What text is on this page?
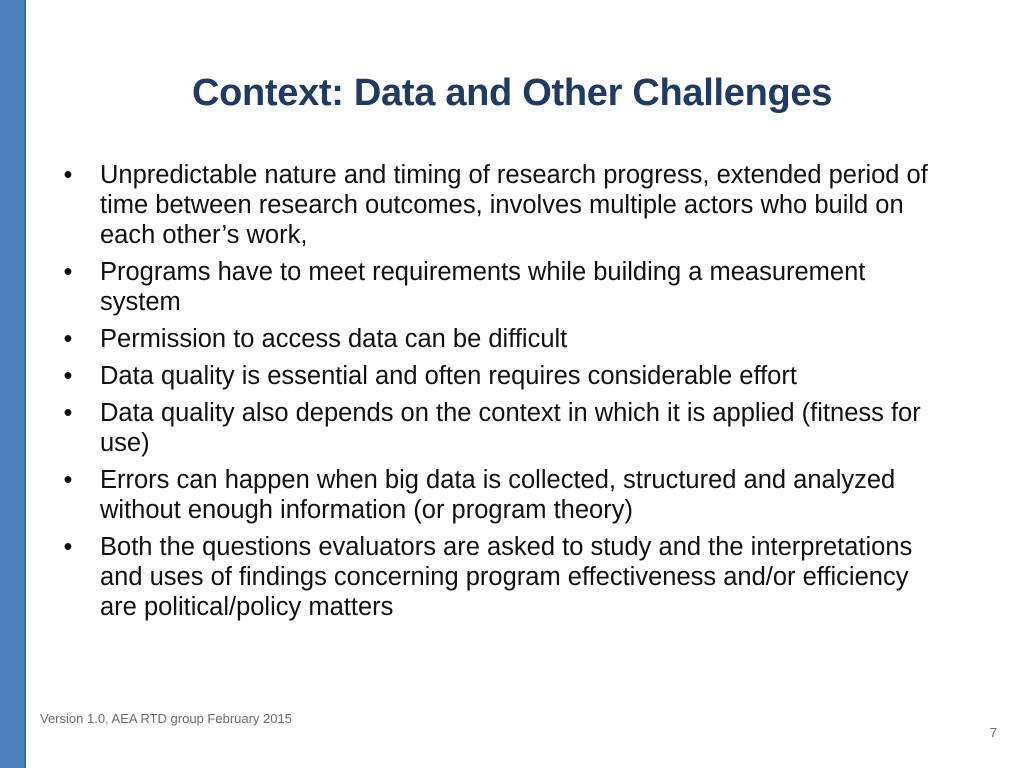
Context: Data and Other Challenges
• Unpredictable nature and timing of research progress, extended period of time between research outcomes, involves multiple actors who build on each other’s work,
• Programs have to meet requirements while building a measurement system
• Permission to access data can be difficult
• Data quality is essential and often requires considerable effort
• Data quality also depends on the context in which it is applied (fitness for use)
• Errors can happen when big data is collected, structured and analyzed without enough information (or program theory)
• Both the questions evaluators are asked to study and the interpretations and uses of findings concerning program effectiveness and/or efficiency are political/policy matters
Version 1.0, AEA RTD group February 2015
7
